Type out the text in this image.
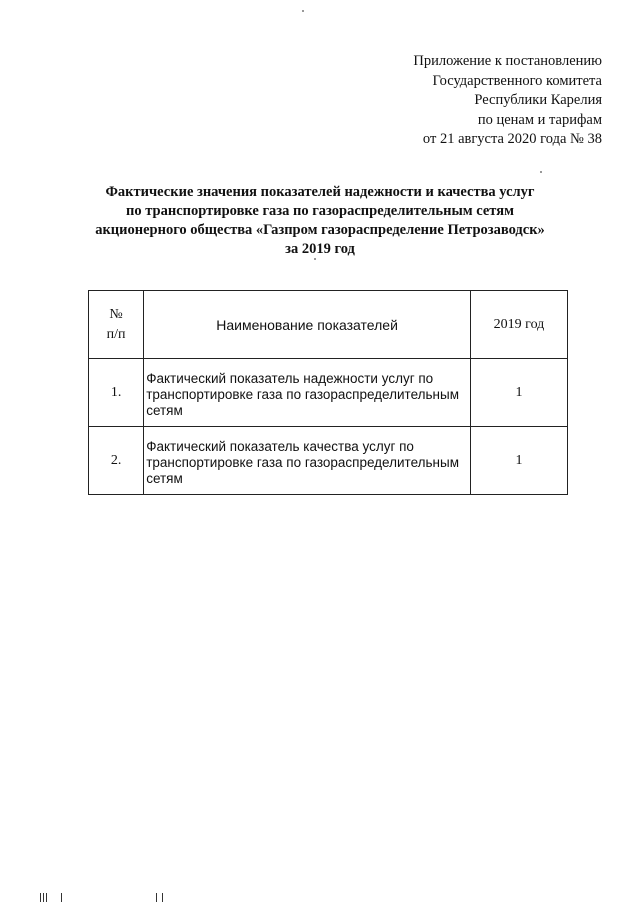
Приложение к постановлению
Государственного комитета
Республики Карелия
по ценам и тарифам
от 21 августа 2020 года № 38
Фактические значения показателей надежности и качества услуг
по транспортировке газа по газораспределительным сетям
акционерного общества «Газпром газораспределение Петрозаводск»
за 2019 год
№
п/п	Наименование показателей	2019 год
1.	Фактический показатель надежности услуг по
транспортировке газа по газораспределительным
сетям	1
2.	Фактический показатель качества услуг по
транспортировке газа по газораспределительным
сетям	1
